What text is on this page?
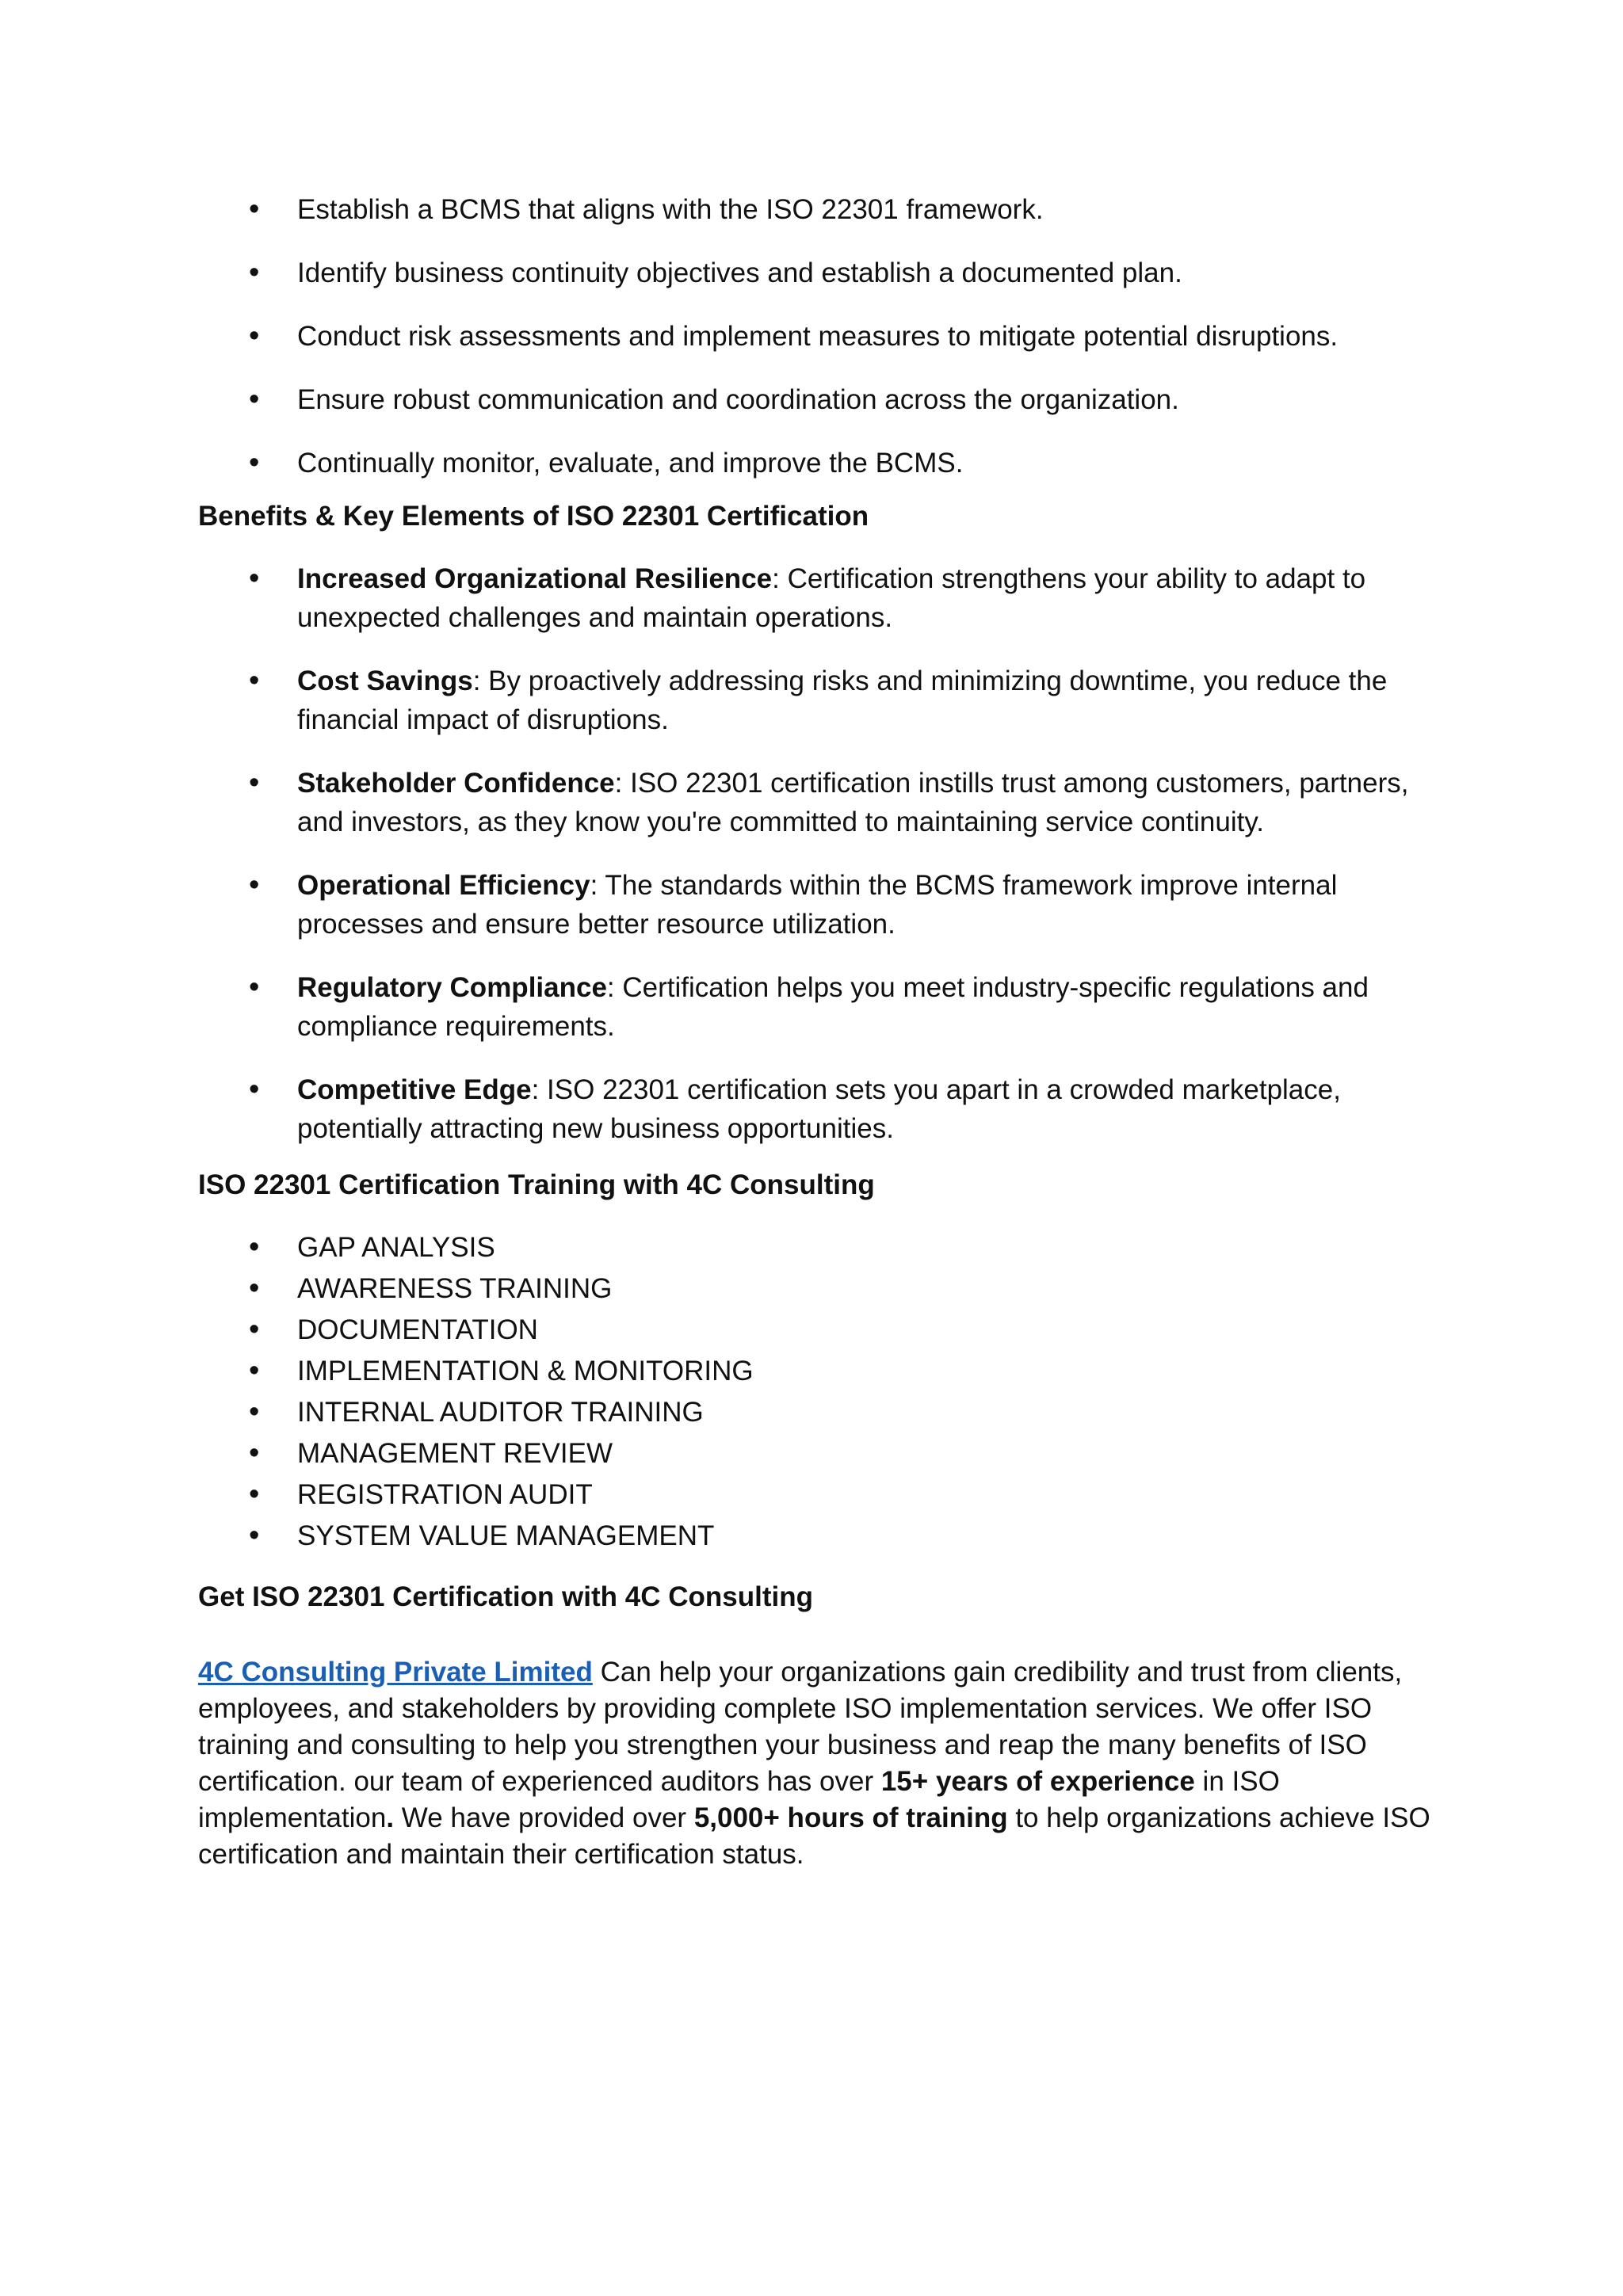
• Establish a BCMS that aligns with the ISO 22301 framework.
• Identify business continuity objectives and establish a documented plan.
• Conduct risk assessments and implement measures to mitigate potential disruptions.
• Ensure robust communication and coordination across the organization.
• Continually monitor, evaluate, and improve the BCMS.
Benefits & Key Elements of ISO 22301 Certification
• Increased Organizational Resilience: Certification strengthens your ability to adapt to unexpected challenges and maintain operations.
• Cost Savings: By proactively addressing risks and minimizing downtime, you reduce the financial impact of disruptions.
• Stakeholder Confidence: ISO 22301 certification instills trust among customers, partners, and investors, as they know you're committed to maintaining service continuity.
• Operational Efficiency: The standards within the BCMS framework improve internal processes and ensure better resource utilization.
• Regulatory Compliance: Certification helps you meet industry-specific regulations and compliance requirements.
• Competitive Edge: ISO 22301 certification sets you apart in a crowded marketplace, potentially attracting new business opportunities.
ISO 22301 Certification Training with 4C Consulting
• GAP ANALYSIS
• AWARENESS TRAINING
• DOCUMENTATION
• IMPLEMENTATION & MONITORING
• INTERNAL AUDITOR TRAINING
• MANAGEMENT REVIEW
• REGISTRATION AUDIT
• SYSTEM VALUE MANAGEMENT
Get ISO 22301 Certification with 4C Consulting

4C Consulting Private Limited Can help your organizations gain credibility and trust from clients, employees, and stakeholders by providing complete ISO implementation services. We offer ISO training and consulting to help you strengthen your business and reap the many benefits of ISO certification. our team of experienced auditors has over 15+ years of experience in ISO implementation. We have provided over 5,000+ hours of training to help organizations achieve ISO certification and maintain their certification status.
